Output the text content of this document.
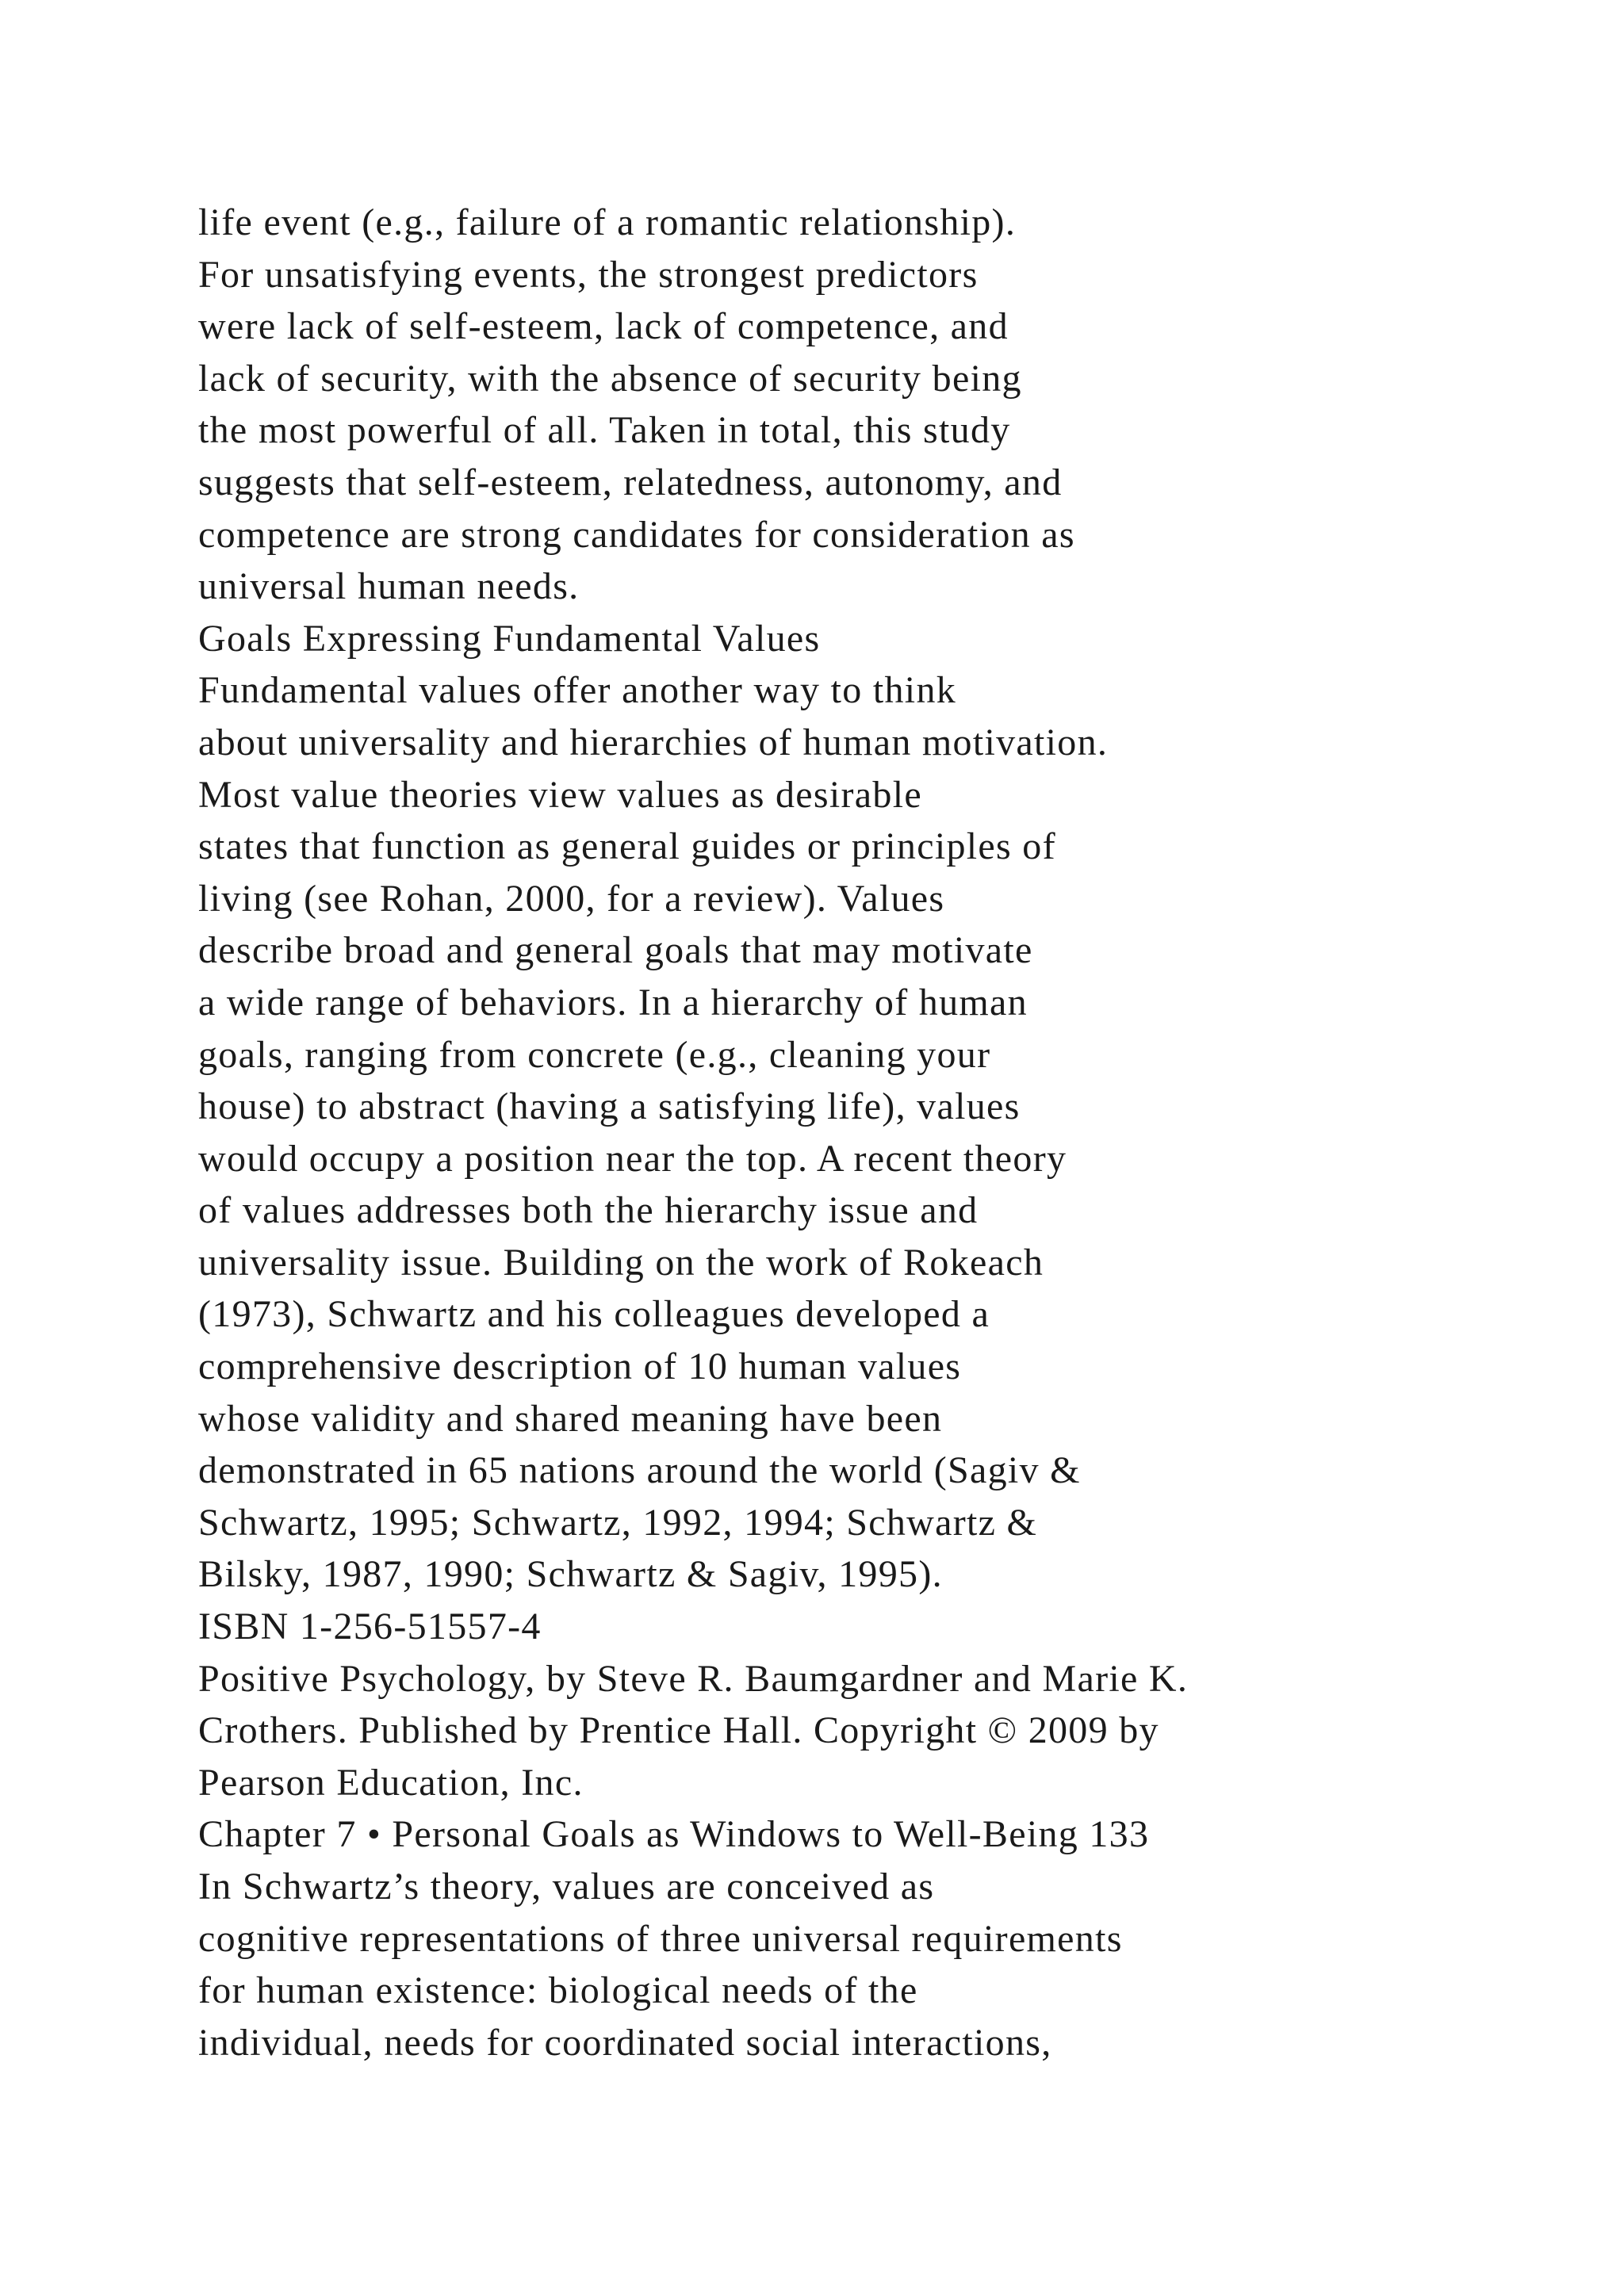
life event (e.g., failure of a romantic relationship).
For unsatisfying events, the strongest predictors
were lack of self-esteem, lack of competence, and
lack of security, with the absence of security being
the most powerful of all. Taken in total, this study
suggests that self-esteem, relatedness, autonomy, and
competence are strong candidates for consideration as
universal human needs.
Goals Expressing Fundamental Values
Fundamental values offer another way to think
about universality and hierarchies of human motivation.
Most value theories view values as desirable
states that function as general guides or principles of
living (see Rohan, 2000, for a review). Values
describe broad and general goals that may motivate
a wide range of behaviors. In a hierarchy of human
goals, ranging from concrete (e.g., cleaning your
house) to abstract (having a satisfying life), values
would occupy a position near the top. A recent theory
of values addresses both the hierarchy issue and
universality issue. Building on the work of Rokeach
(1973), Schwartz and his colleagues developed a
comprehensive description of 10 human values
whose validity and shared meaning have been
demonstrated in 65 nations around the world (Sagiv &
Schwartz, 1995; Schwartz, 1992, 1994; Schwartz &
Bilsky, 1987, 1990; Schwartz & Sagiv, 1995).
ISBN 1-256-51557-4
Positive Psychology, by Steve R. Baumgardner and Marie K.
Crothers. Published by Prentice Hall. Copyright © 2009 by
Pearson Education, Inc.
Chapter 7 • Personal Goals as Windows to Well-Being 133
In Schwartz’s theory, values are conceived as
cognitive representations of three universal requirements
for human existence: biological needs of the
individual, needs for coordinated social interactions,
